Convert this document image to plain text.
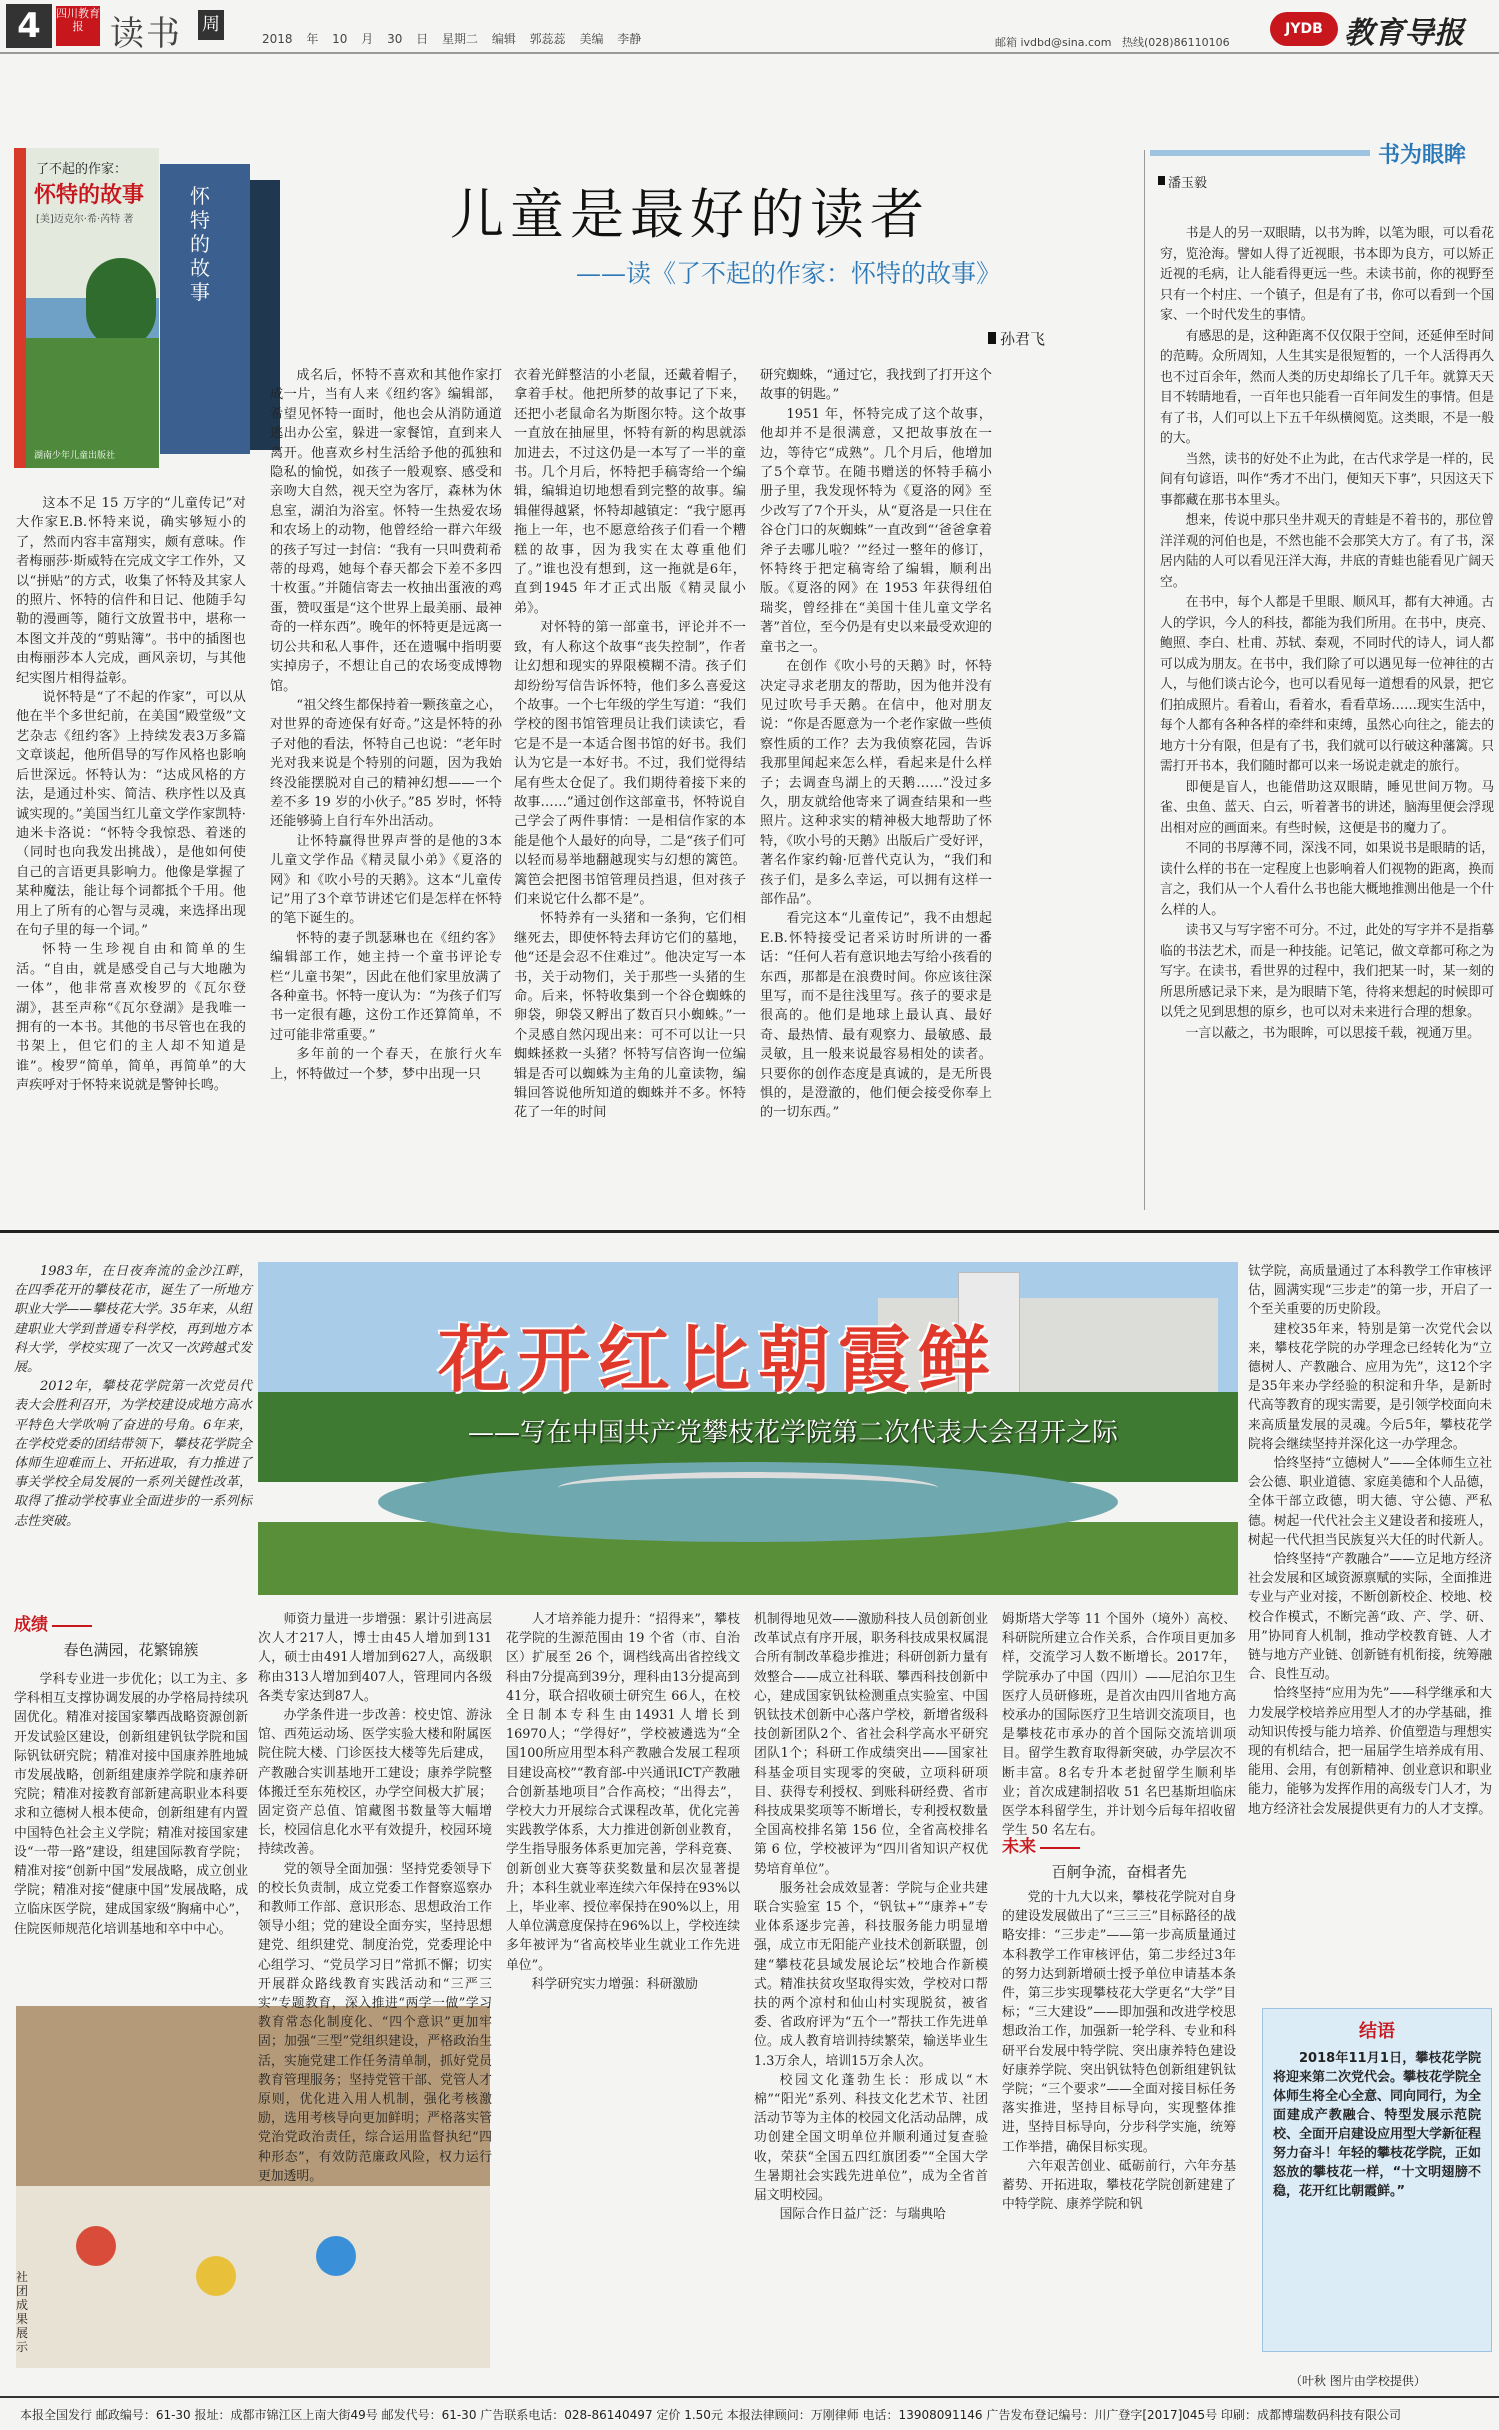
4	四川教育报 读书 周
2018 年 10 月 30 日 星期二 编辑 郭蕊蕊 美编 李静	邮箱 ivdbd@sina.com 热线(028)86110106
JYDB 教育导报
了不起的作家：
怀特的故事
[美]迈克尔·希·芮特 著
湖南少年儿童出版社
怀特的故事
儿童是最好的读者
——读《了不起的作家：怀特的故事》
孙君飞

这本不足 15 万字的“儿童传记”对大作家E.B.怀特来说，确实够短小的了，然而内容丰富翔实，颇有意味。作者梅丽莎·斯威特在完成文字工作外，又以“拼贴”的方式，收集了怀特及其家人的照片、怀特的信件和日记、他随手勾勒的漫画等，随行文放置书中，堪称一本图文并茂的“剪贴簿”。书中的插图也由梅丽莎本人完成，画风亲切，与其他纪实图片相得益彰。

说怀特是“了不起的作家”，可以从他在半个多世纪前，在美国“殿堂级”文艺杂志《纽约客》上持续发表3万多篇文章谈起，他所倡导的写作风格也影响后世深远。怀特认为：“达成风格的方法，是通过朴实、简洁、秩序性以及真诚实现的。”美国当红儿童文学作家凯特·迪米卡洛说：“怀特令我惊恐、着迷的（同时也向我发出挑战），是他如何使自己的言语更具影响力。他像是掌握了某种魔法，能让每个词都抵个千用。他用上了所有的心智与灵魂，来选择出现在句子里的每一个词。”

怀特一生珍视自由和简单的生活。“自由，就是感受自己与大地融为一体”，他非常喜欢梭罗的《瓦尔登湖》，甚至声称“《瓦尔登湖》是我唯一拥有的一本书。其他的书尽管也在我的书架上，但它们的主人却不知道是谁”。梭罗“简单，简单，再简单”的大声疾呼对于怀特来说就是警钟长鸣。

成名后，怀特不喜欢和其他作家打成一片，当有人来《纽约客》编辑部，希望见怀特一面时，他也会从消防通道逃出办公室，躲进一家餐馆，直到来人离开。他喜欢乡村生活给予他的孤独和隐私的愉悦，如孩子一般观察、感受和亲吻大自然，视天空为客厅，森林为休息室，湖泊为浴室。怀特一生热爱农场和农场上的动物，他曾经给一群六年级的孩子写过一封信：“我有一只叫费莉希蒂的母鸡，她每个春天都会下差不多四十枚蛋。”并随信寄去一枚抽出蛋液的鸡蛋，赞叹蛋是“这个世界上最美丽、最神奇的一样东西”。晚年的怀特更是远离一切公共和私人事件，还在遗嘱中指明要实掉房子，不想让自己的农场变成博物馆。

“祖父终生都保持着一颗孩童之心，对世界的奇迹保有好奇。”这是怀特的孙子对他的看法，怀特自己也说：“老年时光对我来说是个特别的问题，因为我始终没能摆脱对自己的精神幻想——一个差不多 19 岁的小伙子。”85 岁时，怀特还能够骑上自行车外出活动。

让怀特赢得世界声誉的是他的3本儿童文学作品《精灵鼠小弟》《夏洛的网》和《吹小号的天鹅》。这本“儿童传记”用了3个章节讲述它们是怎样在怀特的笔下诞生的。

怀特的妻子凯瑟琳也在《纽约客》编辑部工作，她主持一个童书评论专栏“儿童书架”，因此在他们家里放满了各种童书。怀特一度认为：“为孩子们写书一定很有趣，这份工作还算简单，不过可能非常重要。”

多年前的一个春天，在旅行火车上，怀特做过一个梦，梦中出现一只

衣着光鲜整洁的小老鼠，还戴着帽子，拿着手杖。他把所梦的故事记了下来，还把小老鼠命名为斯图尔特。这个故事一直放在抽屉里，怀特有新的构思就添加进去，不过这仍是一本写了一半的童书。几个月后，怀特把手稿寄给一个编辑，编辑迫切地想看到完整的故事。编辑催得越紧，怀特却越镇定：“我宁愿再拖上一年，也不愿意给孩子们看一个糟糕的故事，因为我实在太尊重他们了。”谁也没有想到，这一拖就是6年，直到1945 年才正式出版《精灵鼠小弟》。

对怀特的第一部童书，评论并不一致，有人称这个故事“丧失控制”，作者让幻想和现实的界限模糊不清。孩子们却纷纷写信告诉怀特，他们多么喜爱这个故事。一个七年级的学生写道：“我们学校的图书馆管理员让我们读读它，看它是不是一本适合图书馆的好书。我们认为它是一本好书。不过，我们觉得结尾有些太仓促了。我们期待着接下来的故事……”通过创作这部童书，怀特说自己学会了两件事情：一是相信作家的本能是他个人最好的向导，二是“孩子们可以轻而易举地翻越现实与幻想的篱笆。篱笆会把图书馆管理员挡退，但对孩子们来说它什么都不是”。

怀特养有一头猪和一条狗，它们相继死去，即使怀特去拜访它们的墓地，他“还是会忍不住难过”。他决定写一本书，关于动物们，关于那些一头猪的生命。后来，怀特收集到一个谷仓蜘蛛的卵袋，卵袋又孵出了数百只小蜘蛛。”一个灵感自然闪现出来：可不可以让一只蜘蛛拯救一头猪？怀特写信咨询一位编辑是否可以蜘蛛为主角的儿童读物，编辑回答说他所知道的蜘蛛并不多。怀特花了一年的时间

研究蜘蛛，“通过它，我找到了打开这个故事的钥匙。”

1951 年，怀特完成了这个故事，他却并不是很满意，又把故事放在一边，等待它“成熟”。几个月后，他增加了5个章节。在随书赠送的怀特手稿小册子里，我发现怀特为《夏洛的网》至少改写了7个开头，从“夏洛是一只住在谷仓门口的灰蜘蛛”一直改到“‘爸爸拿着斧子去哪儿啦？’”经过一整年的修订，怀特终于把定稿寄给了编辑，顺利出版。《夏洛的网》在 1953 年获得纽伯瑞奖，曾经排在“美国十佳儿童文学名著”首位，至今仍是有史以来最受欢迎的童书之一。

在创作《吹小号的天鹅》时，怀特决定寻求老朋友的帮助，因为他并没有见过吹号手天鹅。在信中，他对朋友说：“你是否愿意为一个老作家做一些侦察性质的工作？去为我侦察花园，告诉我那里闻起来怎么样，看起来是什么样子；去调查鸟湖上的天鹅……”没过多久，朋友就给他寄来了调查结果和一些照片。这种求实的精神极大地帮助了怀特，《吹小号的天鹅》出版后广受好评，著名作家约翰·厄普代克认为，“我们和孩子们，是多么幸运，可以拥有这样一部作品”。

看完这本“儿童传记”，我不由想起E.B.怀特接受记者采访时所讲的一番话：“任何人若有意识地去写给小孩看的东西，那都是在浪费时间。你应该往深里写，而不是往浅里写。孩子的要求是很高的。他们是地球上最认真、最好奇、最热情、最有观察力、最敏感、最灵敏，且一般来说最容易相处的读者。只要你的创作态度是真诚的，是无所畏惧的，是澄澈的，他们便会接受你奉上的一切东西。”

书为眼眸
潘玉毅

书是人的另一双眼睛，以书为眸，以笔为眼，可以看花穷，览沧海。譬如人得了近视眼，书本即为良方，可以矫正近视的毛病，让人能看得更远一些。未读书前，你的视野至只有一个村庄、一个镇子，但是有了书，你可以看到一个国家、一个时代发生的事情。

有感思的是，这种距离不仅仅限于空间，还延伸至时间的范畴。众所周知，人生其实是很短暂的，一个人活得再久也不过百余年，然而人类的历史却绵长了几千年。就算天天目不转睛地看，一百年也只能看一百年间发生的事情。但是有了书，人们可以上下五千年纵横阅览。这类眼，不是一般的大。

当然，读书的好处不止为此，在古代求学是一样的，民间有句谚语，叫作“秀才不出门，便知天下事”，只因这天下事都藏在那书本里头。

想来，传说中那只坐井观天的青蛙是不着书的，那位曾洋洋观的河伯也是，不然也能不会那笑大方了。有了书，深居内陆的人可以看见汪洋大海，井底的青蛙也能看见广阔天空。

在书中，每个人都是千里眼、顺风耳，都有大神通。古人的学识，今人的科技，都能为我们所用。在书中，庚亮、鲍照、李白、杜甫、苏轼、秦观，不同时代的诗人，词人都可以成为朋友。在书中，我们除了可以遇见每一位神往的古人，与他们谈古论今，也可以看见每一道想看的风景，把它们拍成照片。看着山，看着水，看看草场……现实生活中，每个人都有各种各样的牵绊和束缚，虽然心向往之，能去的地方十分有限，但是有了书，我们就可以行破这种藩篱。只需打开书本，我们随时都可以来一场说走就走的旅行。

即便是盲人，也能借助这双眼睛，睡见世间万物。马雀、虫鱼、蓝天、白云，听着著书的讲述，脑海里便会浮现出相对应的画面来。有些时候，这便是书的魔力了。

不同的书厚薄不同，深浅不同，如果说书是眼睛的话，读什么样的书在一定程度上也影响着人们视物的距离，换而言之，我们从一个人看什么书也能大概地推测出他是一个什么样的人。

读书又与写字密不可分。不过，此处的写字并不是指摹临的书法艺术，而是一种技能。记笔记，做文章都可称之为写字。在读书，看世界的过程中，我们把某一时，某一刻的所思所感记录下来，是为眼睛下笔，待将来想起的时候即可以凭之见到思想的原乡，也可以对未来进行合理的想象。

一言以蔽之，书为眼眸，可以思接千载，视通万里。

1983年，在日夜奔流的金沙江畔，在四季花开的攀枝花市，诞生了一所地方职业大学——攀枝花大学。35年来，从组建职业大学到普通专科学校，再到地方本科大学，学校实现了一次又一次跨越式发展。

2012年，攀枝花学院第一次党员代表大会胜利召开，为学校建设成地方高水平特色大学吹响了奋进的号角。6年来，在学校党委的团结带领下，攀枝花学院全体师生迎难而上、开拓进取，有力推进了事关学校全局发展的一系列关键性改革，取得了推动学校事业全面进步的一系列标志性突破。

花开红比朝霞鲜
——写在中国共产党攀枝花学院第二次代表大会召开之际
成绩
春色满园，花繁锦簇

学科专业进一步优化；以工为主、多学科相互支撑协调发展的办学格局持续巩固优化。精准对接国家攀西战略资源创新开发试验区建设，创新组建钒钛学院和国际钒钛研究院；精准对接中国康养胜地城市发展战略，创新组建康养学院和康养研究院；精准对接教育部新建高职业本科要求和立德树人根本使命，创新组建有内置中国特色社会主义学院；精准对接国家建设“一带一路”建设，组建国际教育学院；精准对接“创新中国”发展战略，成立创业学院；精准对接“健康中国”发展战略，成立临床医学院，建成国家级“胸痛中心”，住院医师规范化培训基地和卒中中心。

社团成果展示

师资力量进一步增强：累计引进高层次人才217人，博士由45人增加到131人，硕士由491人增加到627人，高级职称由313人增加到407人，管理同内各级各类专家达到87人。

办学条件进一步改善：校史馆、游泳馆、西苑运动场、医学实验大楼和附属医院住院大楼、门诊医技大楼等先后建成，产教融合实训基地开工建设；康养学院整体搬迁至东苑校区，办学空间极大扩展；固定资产总值、馆藏图书数量等大幅增长，校园信息化水平有效提升，校园环境持续改善。

党的领导全面加强：坚持党委领导下的校长负责制，成立党委工作督察巡察办和教师工作部、意识形态、思想政治工作领导小组；党的建设全面夯实，坚持思想建党、组织建党、制度治党，党委理论中心组学习、“党员学习日”常抓不懈；切实开展群众路线教育实践活动和“三严三实”专题教育，深入推进“两学一做”学习教育常态化制度化、“四个意识”更加牢固；加强“三型”党组织建设，严格政治生活，实施党建工作任务清单制，抓好党员教育管理服务；坚持党管干部、党管人才原则，优化进入用人机制，强化考核激励，选用考核导向更加鲜明；严格落实管党治党政治责任，综合运用监督执纪“四种形态”，有效防范廉政风险，权力运行更加透明。

人才培养能力提升：“招得来”，攀枝花学院的生源范围由 19 个省（市、自治区）扩展至 26 个，调档线高出省控线文科由7分提高到39分，理科由13分提高到41分，联合招收硕士研究生 66人，在校全日制本专科生由14931人增长到16970人；“学得好”，学校被遴选为“全国100所应用型本科产教融合发展工程项目建设高校”“教育部-中兴通讯ICT产教融合创新基地项目”合作高校；“出得去”，学校大力开展综合式课程改革，优化完善实践教学体系，大力推进创新创业教育，学生指导服务体系更加完善，学科竞赛、创新创业大赛等获奖数量和层次显著提升；本科生就业率连续六年保持在93%以上，毕业率、授位率保持在90%以上，用人单位满意度保持在96%以上，学校连续多年被评为“省高校毕业生就业工作先进单位”。

科学研究实力增强：科研激励

机制得地见效——激励科技人员创新创业改革试点有序开展，职务科技成果权属混合所有制改革稳步推进；科研创新力量有效整合——成立社科联、攀西科技创新中心，建成国家钒钛检测重点实验室、中国钒钛技术创新中心落户学校，新增省级科技创新团队2个、省社会科学高水平研究团队1个；科研工作成绩突出——国家社科基金项目实现零的突破，立项科研项目、获得专利授权、到账科研经费、省市科技成果奖项等不断增长，专利授权数量全国高校排名第 156 位，全省高校排名第 6 位，学校被评为“四川省知识产权优势培育单位”。

服务社会成效显著：学院与企业共建联合实验室 15 个，“钒钛+”“康养+”专业体系逐步完善，科技服务能力明显增强，成立市无阳能产业技术创新联盟，创建“攀枝花县域发展论坛”校地合作新模式。精准扶贫攻坚取得实效，学校对口帮扶的两个凉村和仙山村实现脱贫，被省委、省政府评为“五个一”帮扶工作先进单位。成人教育培训持续繁荣，输送毕业生1.3万余人，培训15万余人次。

校园文化蓬勃生长：形成以“木棉”“阳光”系列、科技文化艺术节、社团活动节等为主体的校园文化活动品牌，成功创建全国文明单位并顺利通过复查验收，荣获“全国五四红旗团委”“全国大学生暑期社会实践先进单位”，成为全省首届文明校园。

国际合作日益广泛：与瑞典哈

姆斯塔大学等 11 个国外（境外）高校、科研院所建立合作关系，合作项目更加多样，交流学习人数不断增长。2017年，学院承办了中国（四川）——尼泊尔卫生医疗人员研修班，是首次由四川省地方高校承办的国际医疗卫生培训交流项目，也是攀枝花市承办的首个国际交流培训项目。留学生教育取得新突破，办学层次不断丰富。8名专升本老挝留学生顺利毕业；首次成建制招收 51 名巴基斯坦临床医学本科留学生，并计划今后每年招收留学生 50 名左右。

未来
百舸争流，奋楫者先

党的十九大以来，攀枝花学院对自身的建设发展做出了“三三三”目标路径的战略安排：“三步走”——第一步高质量通过本科教学工作审核评估，第二步经过3年的努力达到新增硕士授予单位申请基本条件，第三步实现攀枝花大学更名“大学”目标；“三大建设”——即加强和改进学校思想政治工作，加强新一轮学科、专业和科研平台发展中特学院、突出康养特色建设好康养学院、突出钒钛特色创新组建钒钛学院；“三个要求”——全面对接目标任务落实推进，坚持目标导向，实现整体推进，坚持目标导向，分步科学实施，统筹工作举措，确保目标实现。

六年艰苦创业、砥砺前行，六年夯基蓄势、开拓进取，攀枝花学院创新建建了中特学院、康养学院和钒

钛学院，高质量通过了本科教学工作审核评估，圆满实现“三步走”的第一步，开启了一个至关重要的历史阶段。

建校35年来，特别是第一次党代会以来，攀枝花学院的办学理念已经转化为“立德树人、产教融合、应用为先”，这12个字是35年来办学经验的积淀和升华，是新时代高等教育的现实需要，是引领学校面向未来高质量发展的灵魂。今后5年，攀枝花学院将会继续坚持并深化这一办学理念。

恰终坚持“立德树人”——全体师生立社会公德、职业道德、家庭美德和个人品德，全体干部立政德，明大德、守公德、严私德。树起一代代社会主义建设者和接班人，树起一代代担当民族复兴大任的时代新人。

恰终坚持“产教融合”——立足地方经济社会发展和区域资源禀赋的实际，全面推进专业与产业对接，不断创新校企、校地、校校合作模式，不断完善“政、产、学、研、用”协同育人机制，推动学校教育链、人才链与地方产业链、创新链有机衔接，统筹融合、良性互动。

恰终坚持“应用为先”——科学继承和大力发展学校培养应用型人才的办学基础，推动知识传授与能力培养、价值塑造与理想实现的有机结合，把一届届学生培养成有用、能用、会用，有创新精神、创业意识和职业能力，能够为发挥作用的高级专门人才，为地方经济社会发展提供更有力的人才支撑。

结语

2018年11月1日，攀枝花学院将迎来第二次党代会。攀枝花学院全体师生将全心全意、同向同行，为全面建成产教融合、特型发展示范院校、全面开启建设应用型大学新征程努力奋斗！年轻的攀枝花学院，正如怒放的攀枝花一样，“十文明翅膀不稳，花开红比朝霞鲜。”

（叶秋 图片由学校提供）
本报全国发行 邮政编号：61-30 报址：成都市锦江区上南大街49号 邮发代号：61-30 广告联系电话：028-86140497 定价 1.50元 本报法律顾问：万刚律师 电话：13908091146 广告发布登记编号：川广登字[2017]045号 印刷：成都博瑞数码科技有限公司
